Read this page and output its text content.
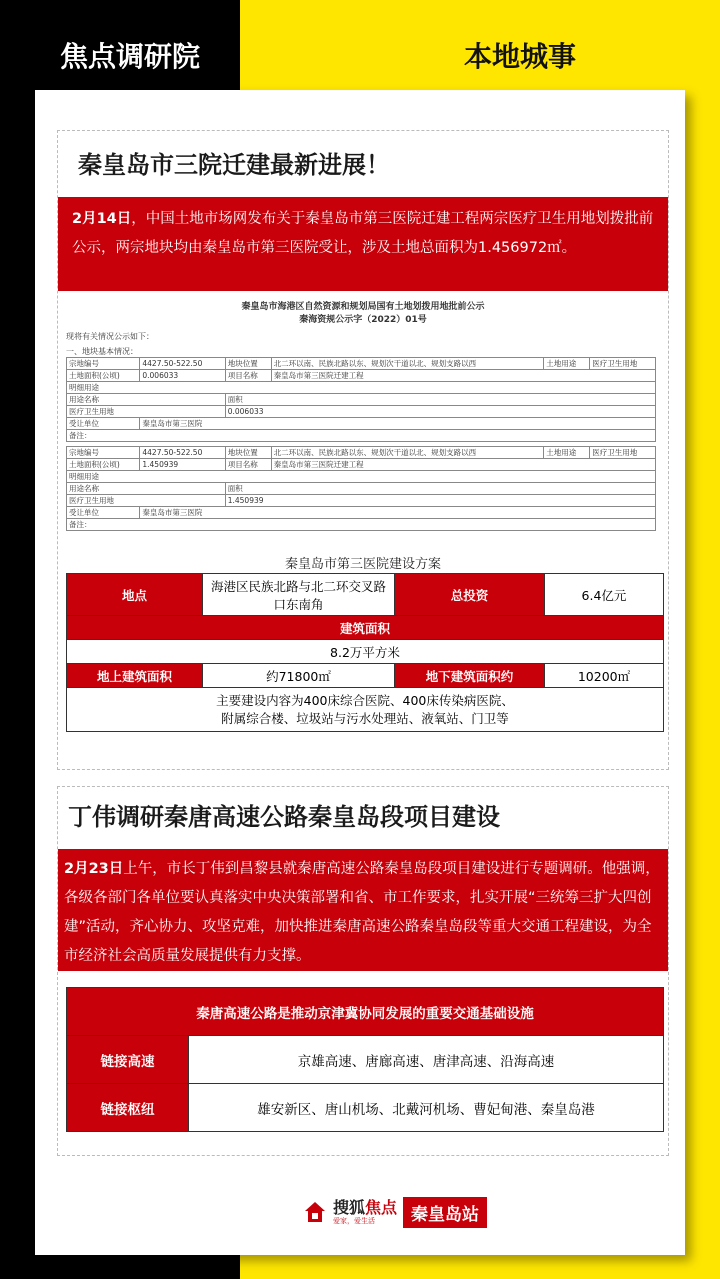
焦点调研院	本地城事
秦皇岛市三院迁建最新进展！
2月14日，中国土地市场网发布关于秦皇岛市第三医院迁建工程两宗医疗卫生用地划拨批前公示，两宗地块均由秦皇岛市第三医院受让，涉及土地总面积为1.456972㎡。
秦皇岛市海港区自然资源和规划局国有土地划拨用地批前公示
秦海资规公示字（2022）01号
现将有关情况公示如下：
一、地块基本情况：
宗地编号	4427.50-522.50	地块位置	北二环以南、民族北路以东、规划次干道以北、规划支路以西	土地用途	医疗卫生用地
土地面积(公顷)	0.006033	项目名称	秦皇岛市第三医院迁建工程		
明细用途					
用途名称		面积			
医疗卫生用地		0.006033			
受让单位	秦皇岛市第三医院				
备注：					
宗地编号	4427.50-522.50	地块位置	北二环以南、民族北路以东、规划次干道以北、规划支路以西	土地用途	医疗卫生用地
土地面积(公顷)	1.450939	项目名称	秦皇岛市第三医院迁建工程		
明细用途					
用途名称		面积			
医疗卫生用地		1.450939			
受让单位	秦皇岛市第三医院				
备注：					
秦皇岛市第三医院建设方案
地点	海港区民族北路与北二环交叉路口东南角	总投资	6.4亿元
建筑面积			
8.2万平方米			
地上建筑面积	约71800㎡	地下建筑面积约	10200㎡

主要建设内容为400床综合医院、400床传染病医院、
附属综合楼、垃圾站与污水处理站、液氧站、门卫等			
丁伟调研秦唐高速公路秦皇岛段项目建设
2月23日上午，市长丁伟到昌黎县就秦唐高速公路秦皇岛段项目建设进行专题调研。他强调，各级各部门各单位要认真落实中央决策部署和省、市工作要求，扎实开展“三统筹三扩大四创建”活动，齐心协力、攻坚克难，加快推进秦唐高速公路秦皇岛段等重大交通工程建设，为全市经济社会高质量发展提供有力支撑。
秦唐高速公路是推动京津冀协同发展的重要交通基础设施	
链接高速	京雄高速、唐廊高速、唐津高速、沿海高速
链接枢纽	雄安新区、唐山机场、北戴河机场、曹妃甸港、秦皇岛港
搜狐焦点
爱家，爱生活	秦皇岛站
